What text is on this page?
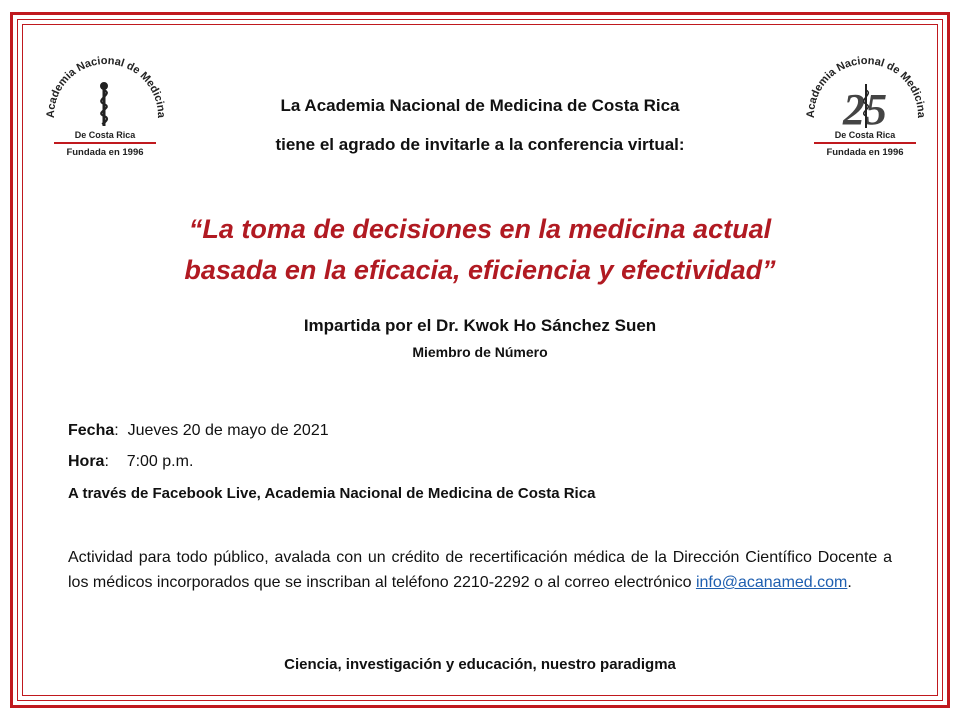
Academia Nacional de Medicina
De Costa Rica
Fundada en 1996
Academia Nacional de Medicina
25
De Costa Rica
Fundada en 1996
La Academia Nacional de Medicina de Costa Rica
tiene el agrado de invitarle a la conferencia virtual:
“La toma de decisiones en la medicina actual
basada en la eficacia, eficiencia y efectividad”
Impartida por el Dr. Kwok Ho Sánchez Suen
Miembro de Número
Fecha:  Jueves 20 de mayo de 2021
Hora:    7:00 p.m.
A través de Facebook Live, Academia Nacional de Medicina de Costa Rica
Actividad para todo público, avalada con un crédito de recertificación médica de la Dirección Científico Docente a los médicos incorporados que se inscriban al teléfono 2210-2292 o al correo electrónico info@acanamed.com.
Ciencia, investigación y educación, nuestro paradigma
